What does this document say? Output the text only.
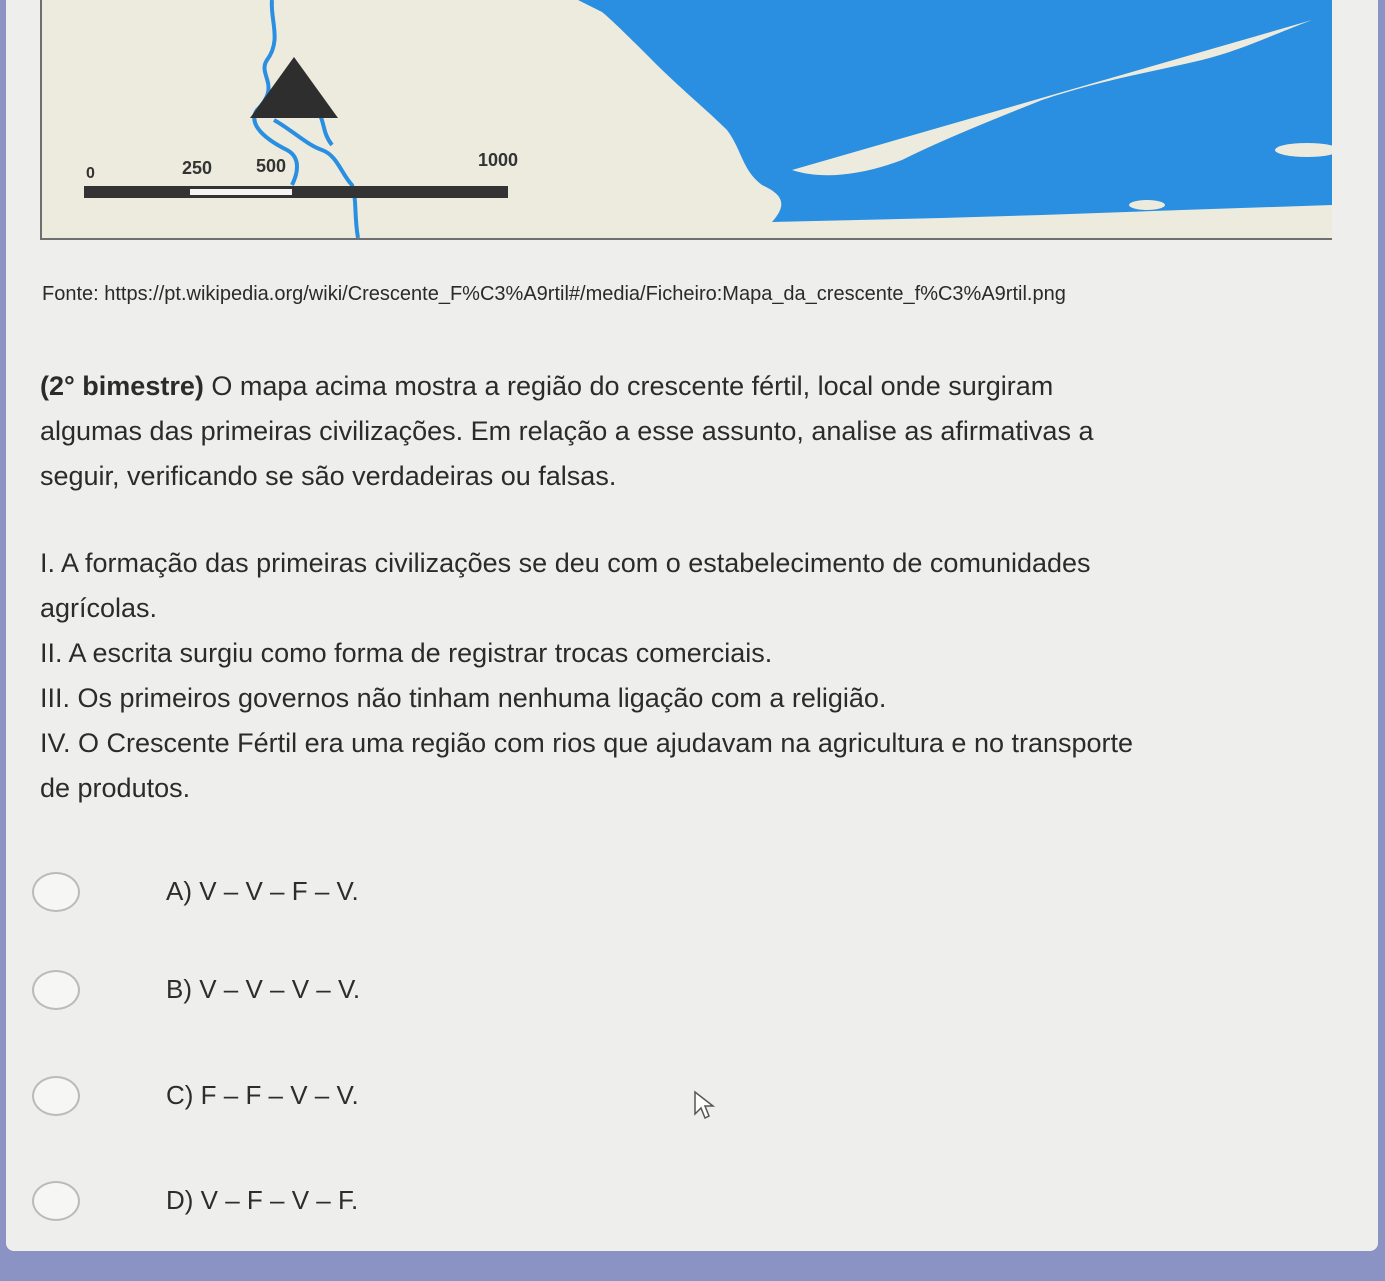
0	250 500	1000
Fonte: https://pt.wikipedia.org/wiki/Crescente_F%C3%A9rtil#/media/Ficheiro:Mapa_da_crescente_f%C3%A9rtil.png
(2° bimestre) O mapa acima mostra a região do crescente fértil, local onde surgiram
algumas das primeiras civilizações. Em relação a esse assunto, analise as afirmativas a
seguir, verificando se são verdadeiras ou falsas.
I. A formação das primeiras civilizações se deu com o estabelecimento de comunidades
agrícolas.
II. A escrita surgiu como forma de registrar trocas comerciais.
III. Os primeiros governos não tinham nenhuma ligação com a religião.
IV. O Crescente Fértil era uma região com rios que ajudavam na agricultura e no transporte
de produtos.
A) V – V – F – V.
B) V – V – V – V.
C) F – F – V – V.
D) V – F – V – F.
